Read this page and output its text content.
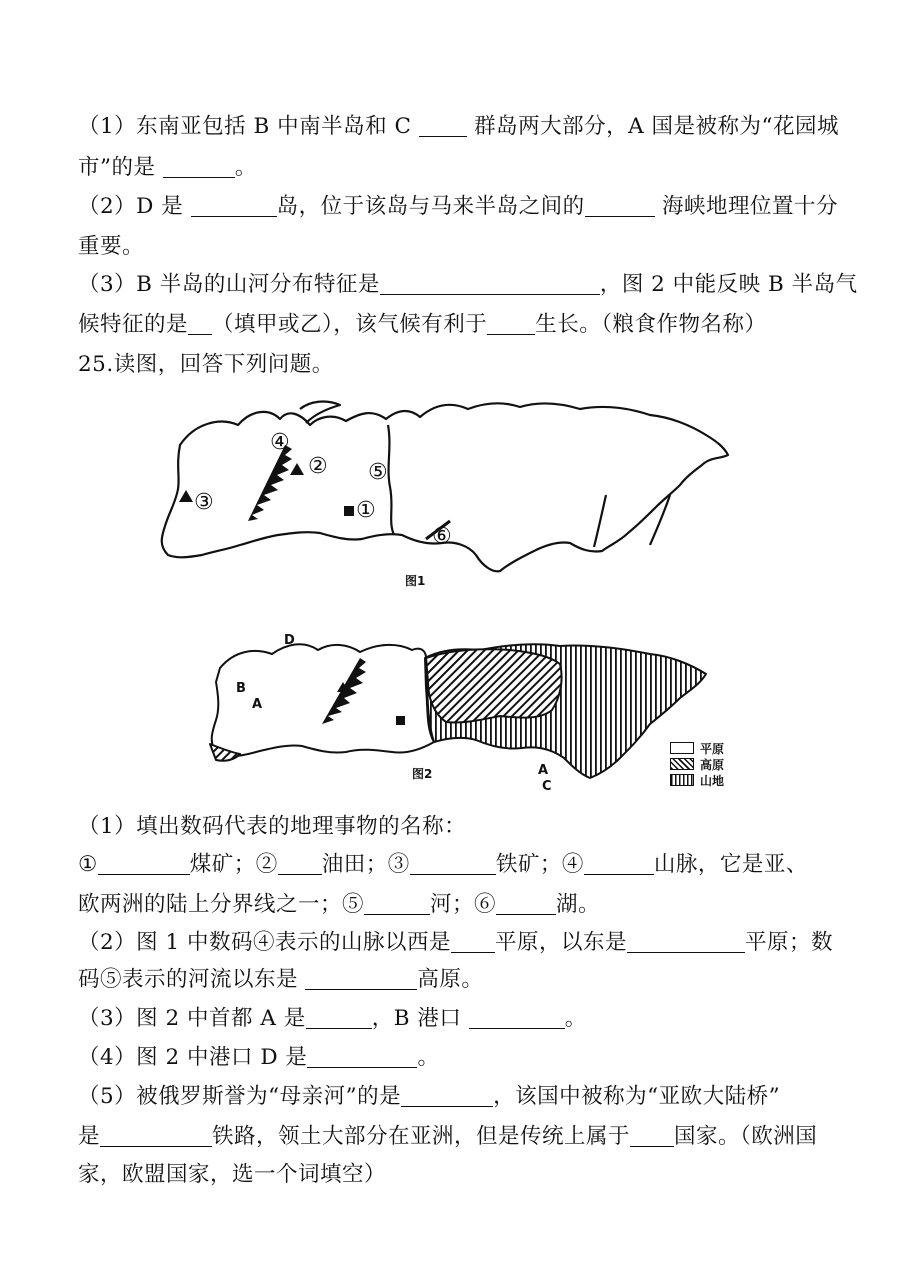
（1）东南亚包括 B 中南半岛和 C	群岛两大部分，A 国是被称为“花园城
市”的是	。
（2）D 是	岛，位于该岛与马来半岛之间的	海峡地理位置十分
重要。
（3）B 半岛的山河分布特征是	，图 2 中能反映 B 半岛气
候特征的是 （填甲或乙），该气候有利于 生长。（粮食作物名称）
25.读图，回答下列问题。
④
② ⑤
③	①
⑥
图1
D
B
A
A
C
图2
平原
高原
山地
（1）填出数码代表的地理事物的名称：
①	煤矿；② 油田；③	铁矿；④	山脉，它是亚、
欧两洲的陆上分界线之一；⑤	河；⑥	湖。
（2）图 1 中数码④表示的山脉以西是 平原，以东是	平原；数
码⑤表示的河流以东是	高原。
（3）图 2 中首都 A 是	，B 港口	。
（4）图 2 中港口 D 是	。
（5）被俄罗斯誉为“母亲河”的是	，该国中被称为“亚欧大陆桥”
是	铁路，领土大部分在亚洲，但是传统上属于 国家。（欧洲国
家，欧盟国家，选一个词填空）
